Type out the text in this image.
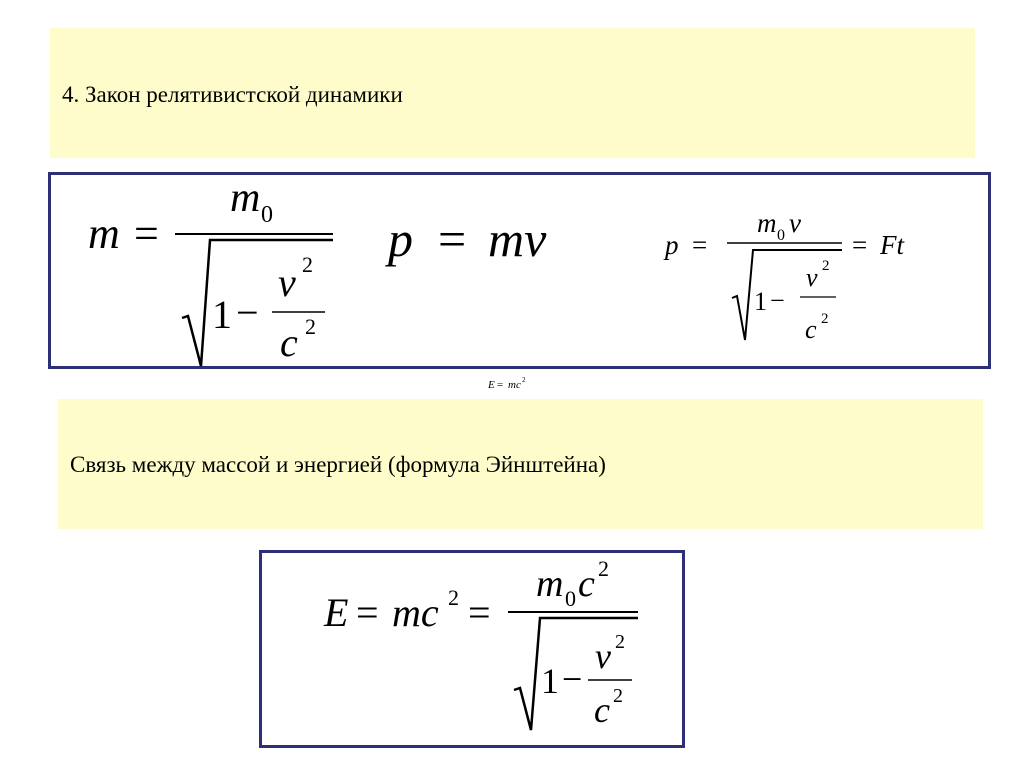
4. Закон релятивистской динамики
m =
m 0
1 −
v 2
c 2
p = mv	p =
m 0 v
1 −
v 2
c 2
= Ft
E = mc 2
Связь между массой и энергией (формула Эйнштейна)
E = mc 2 =
m 0 c 2
1 −
v 2
c 2
